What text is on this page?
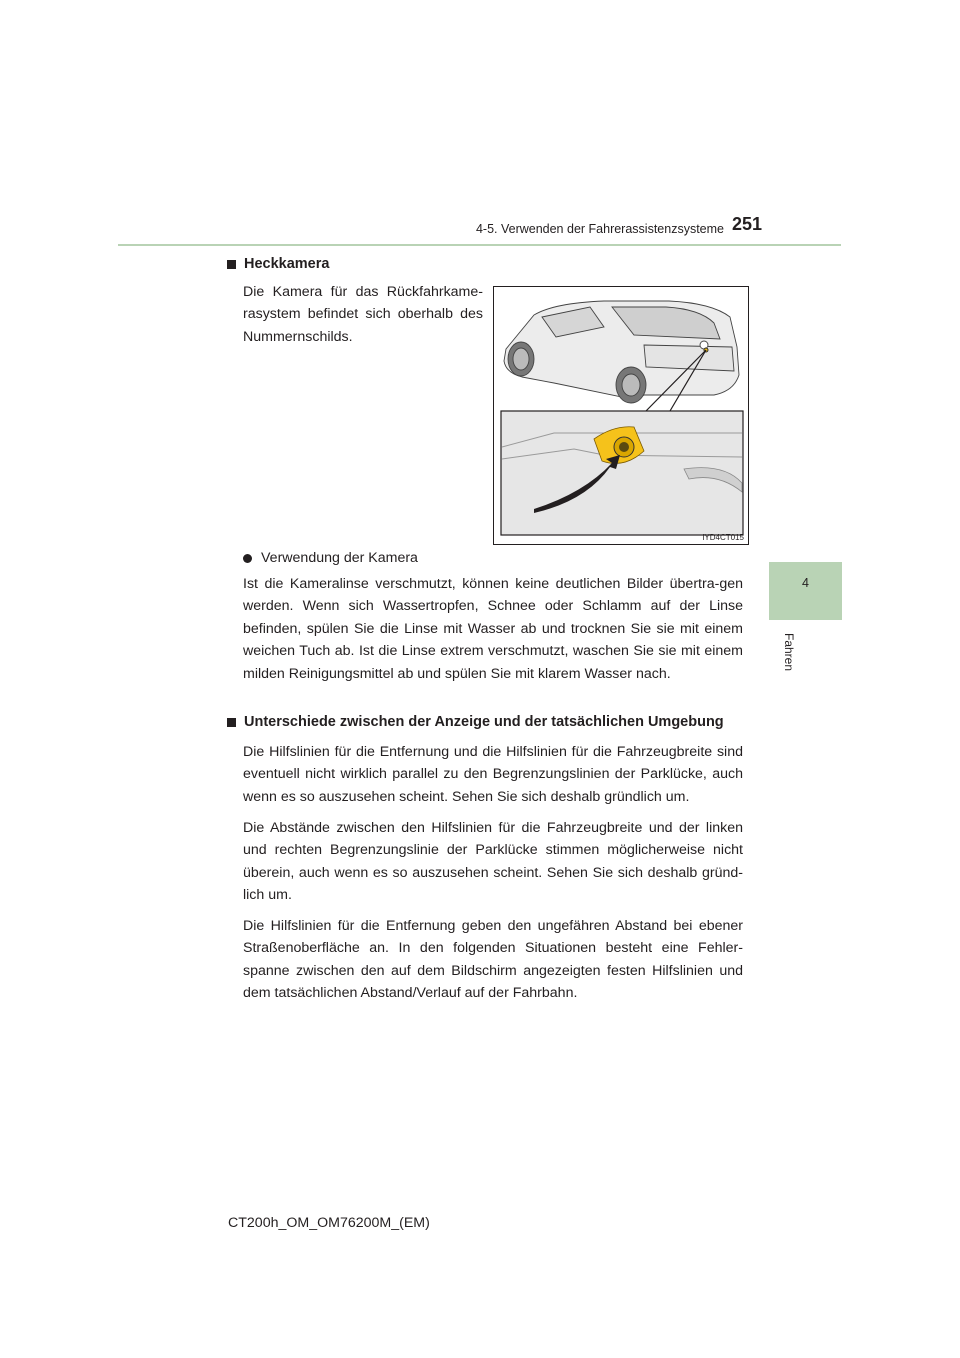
4-5. Verwenden der Fahrerassistenzsysteme 251
4
Fahren
Heckkamera

Die Kamera für das Rückfahrkame-rasystem befindet sich oberhalb des Nummernschilds.

IYD4CT015
Verwendung der Kamera

Ist die Kameralinse verschmutzt, können keine deutlichen Bilder übertra-gen werden. Wenn sich Wassertropfen, Schnee oder Schlamm auf der Linse befinden, spülen Sie die Linse mit Wasser ab und trocknen Sie sie mit einem weichen Tuch ab. Ist die Linse extrem verschmutzt, waschen Sie sie mit einem milden Reinigungsmittel ab und spülen Sie mit klarem Wasser nach.

Unterschiede zwischen der Anzeige und der tatsächlichen Umgebung

Die Hilfslinien für die Entfernung und die Hilfslinien für die Fahrzeugbreite sind eventuell nicht wirklich parallel zu den Begrenzungslinien der Parklücke, auch wenn es so auszusehen scheint. Sehen Sie sich deshalb gründlich um.

Die Abstände zwischen den Hilfslinien für die Fahrzeugbreite und der linken und rechten Begrenzungslinie der Parklücke stimmen möglicherweise nicht überein, auch wenn es so auszusehen scheint. Sehen Sie sich deshalb gründ-lich um.

Die Hilfslinien für die Entfernung geben den ungefähren Abstand bei ebener Straßenoberfläche an. In den folgenden Situationen besteht eine Fehler-spanne zwischen den auf dem Bildschirm angezeigten festen Hilfslinien und dem tatsächlichen Abstand/Verlauf auf der Fahrbahn.

CT200h_OM_OM76200M_(EM)
